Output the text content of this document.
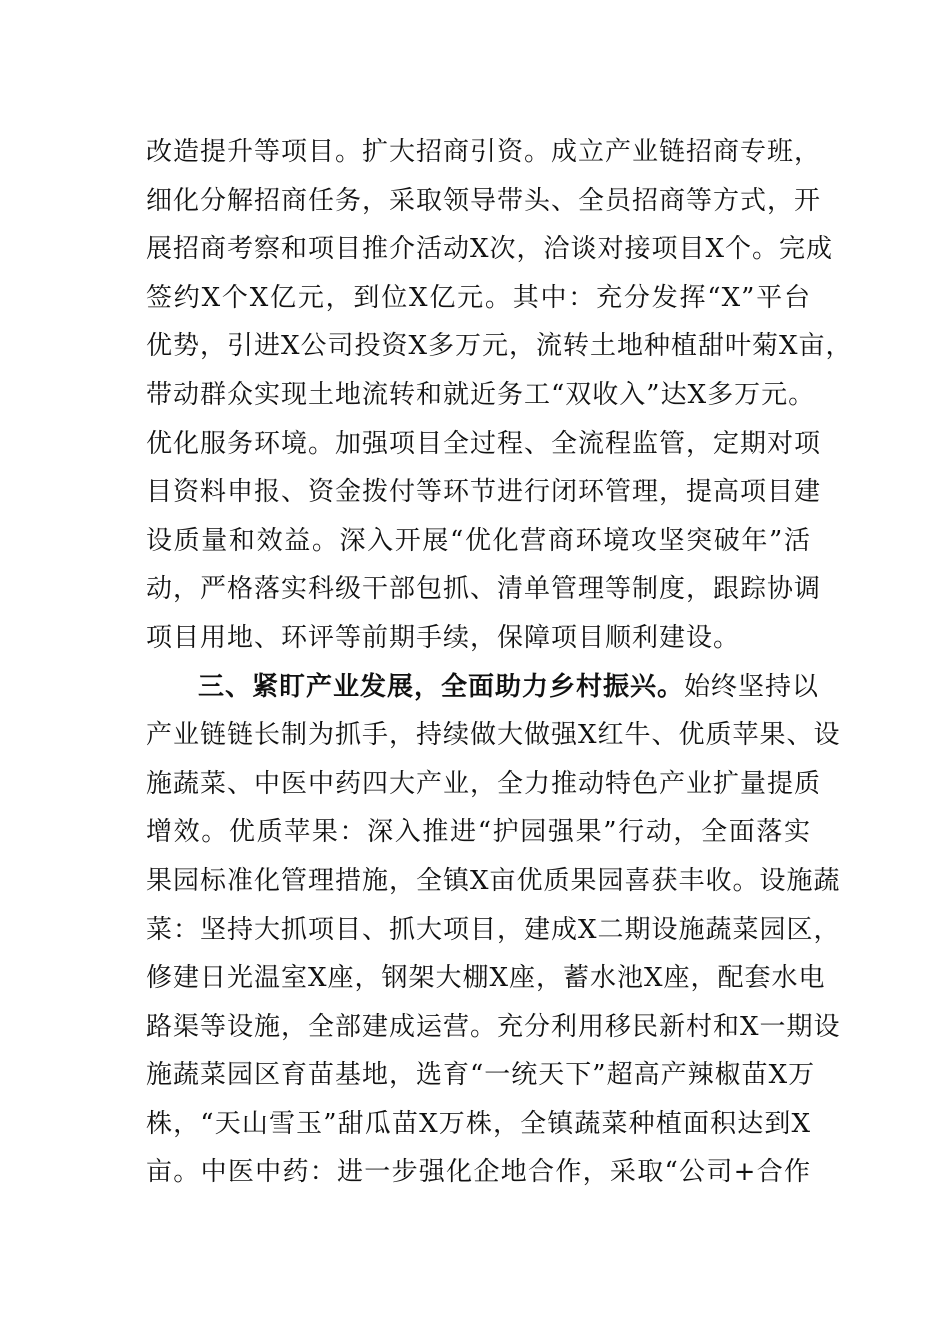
改造提升等项目。扩大招商引资。成立产业链招商专班，
细化分解招商任务，采取领导带头、全员招商等方式，开
展招商考察和项目推介活动X次，洽谈对接项目X个。完成
签约X个X亿元，到位X亿元。其中：充分发挥“X”平台
优势，引进X公司投资X多万元，流转土地种植甜叶菊X亩，
带动群众实现土地流转和就近务工“双收入”达X多万元。
优化服务环境。加强项目全过程、全流程监管，定期对项
目资料申报、资金拨付等环节进行闭环管理，提高项目建
设质量和效益。深入开展“优化营商环境攻坚突破年”活
动，严格落实科级干部包抓、清单管理等制度，跟踪协调
项目用地、环评等前期手续，保障项目顺利建设。
三、紧盯产业发展，全面助力乡村振兴。始终坚持以
产业链链长制为抓手，持续做大做强X红牛、优质苹果、设
施蔬菜、中医中药四大产业，全力推动特色产业扩量提质
增效。优质苹果：深入推进“护园强果”行动，全面落实
果园标准化管理措施，全镇X亩优质果园喜获丰收。设施蔬
菜：坚持大抓项目、抓大项目，建成X二期设施蔬菜园区，
修建日光温室X座，钢架大棚X座，蓄水池X座，配套水电
路渠等设施，全部建成运营。充分利用移民新村和X一期设
施蔬菜园区育苗基地，选育“一统天下”超高产辣椒苗X万
株，“天山雪玉”甜瓜苗X万株，全镇蔬菜种植面积达到X
亩。中医中药：进一步强化企地合作，采取“公司+合作
